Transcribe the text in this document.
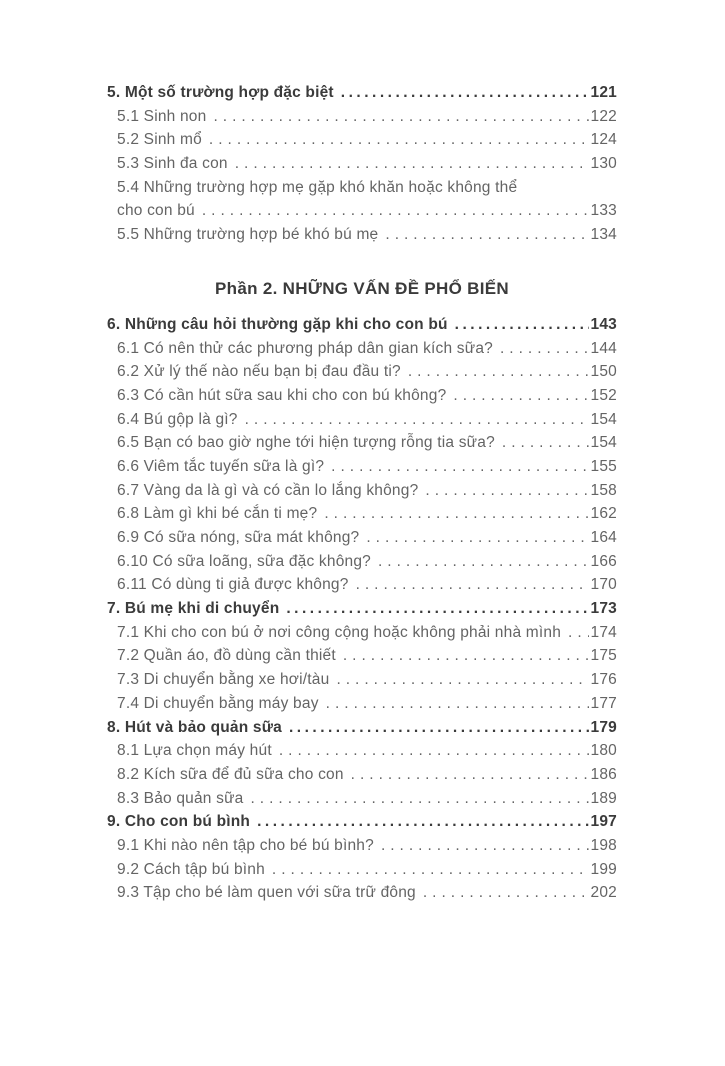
5. Một số trường hợp đặc biệt .....	121
5.1 Sinh non .....	122
5.2 Sinh mổ .....	124
5.3 Sinh đa con .....	130
5.4 Những trường hợp mẹ gặp khó khăn hoặc không thể
cho con bú .....	133
5.5 Những trường hợp bé khó bú mẹ .....	134
Phần 2. NHỮNG VẤN ĐỀ PHỔ BIẾN
6. Những câu hỏi thường gặp khi cho con bú .....	143
6.1 Có nên thử các phương pháp dân gian kích sữa? .....	144
6.2 Xử lý thế nào nếu bạn bị đau đầu ti? .....	150
6.3 Có cần hút sữa sau khi cho con bú không? .....	152
6.4 Bú gộp là gì? .....	154
6.5 Bạn có bao giờ nghe tới hiện tượng rỗng tia sữa? .....	154
6.6 Viêm tắc tuyến sữa là gì? .....	155
6.7 Vàng da là gì và có cần lo lắng không? .....	158
6.8 Làm gì khi bé cắn ti mẹ? .....	162
6.9 Có sữa nóng, sữa mát không? .....	164
6.10 Có sữa loãng, sữa đặc không? .....	166
6.11 Có dùng ti giả được không? .....	170
7. Bú mẹ khi di chuyển .....	173
7.1 Khi cho con bú ở nơi công cộng hoặc không phải nhà mình ..... 174
7.2 Quần áo, đồ dùng cần thiết .....	175
7.3 Di chuyển bằng xe hơi/tàu .....	176
7.4 Di chuyển bằng máy bay .....	177
8. Hút và bảo quản sữa .....	179
8.1 Lựa chọn máy hút .....	180
8.2 Kích sữa để đủ sữa cho con .....	186
8.3 Bảo quản sữa .....	189
9. Cho con bú bình .....	197
9.1 Khi nào nên tập cho bé bú bình? .....	198
9.2 Cách tập bú bình .....	199
9.3 Tập cho bé làm quen với sữa trữ đông .....	202
